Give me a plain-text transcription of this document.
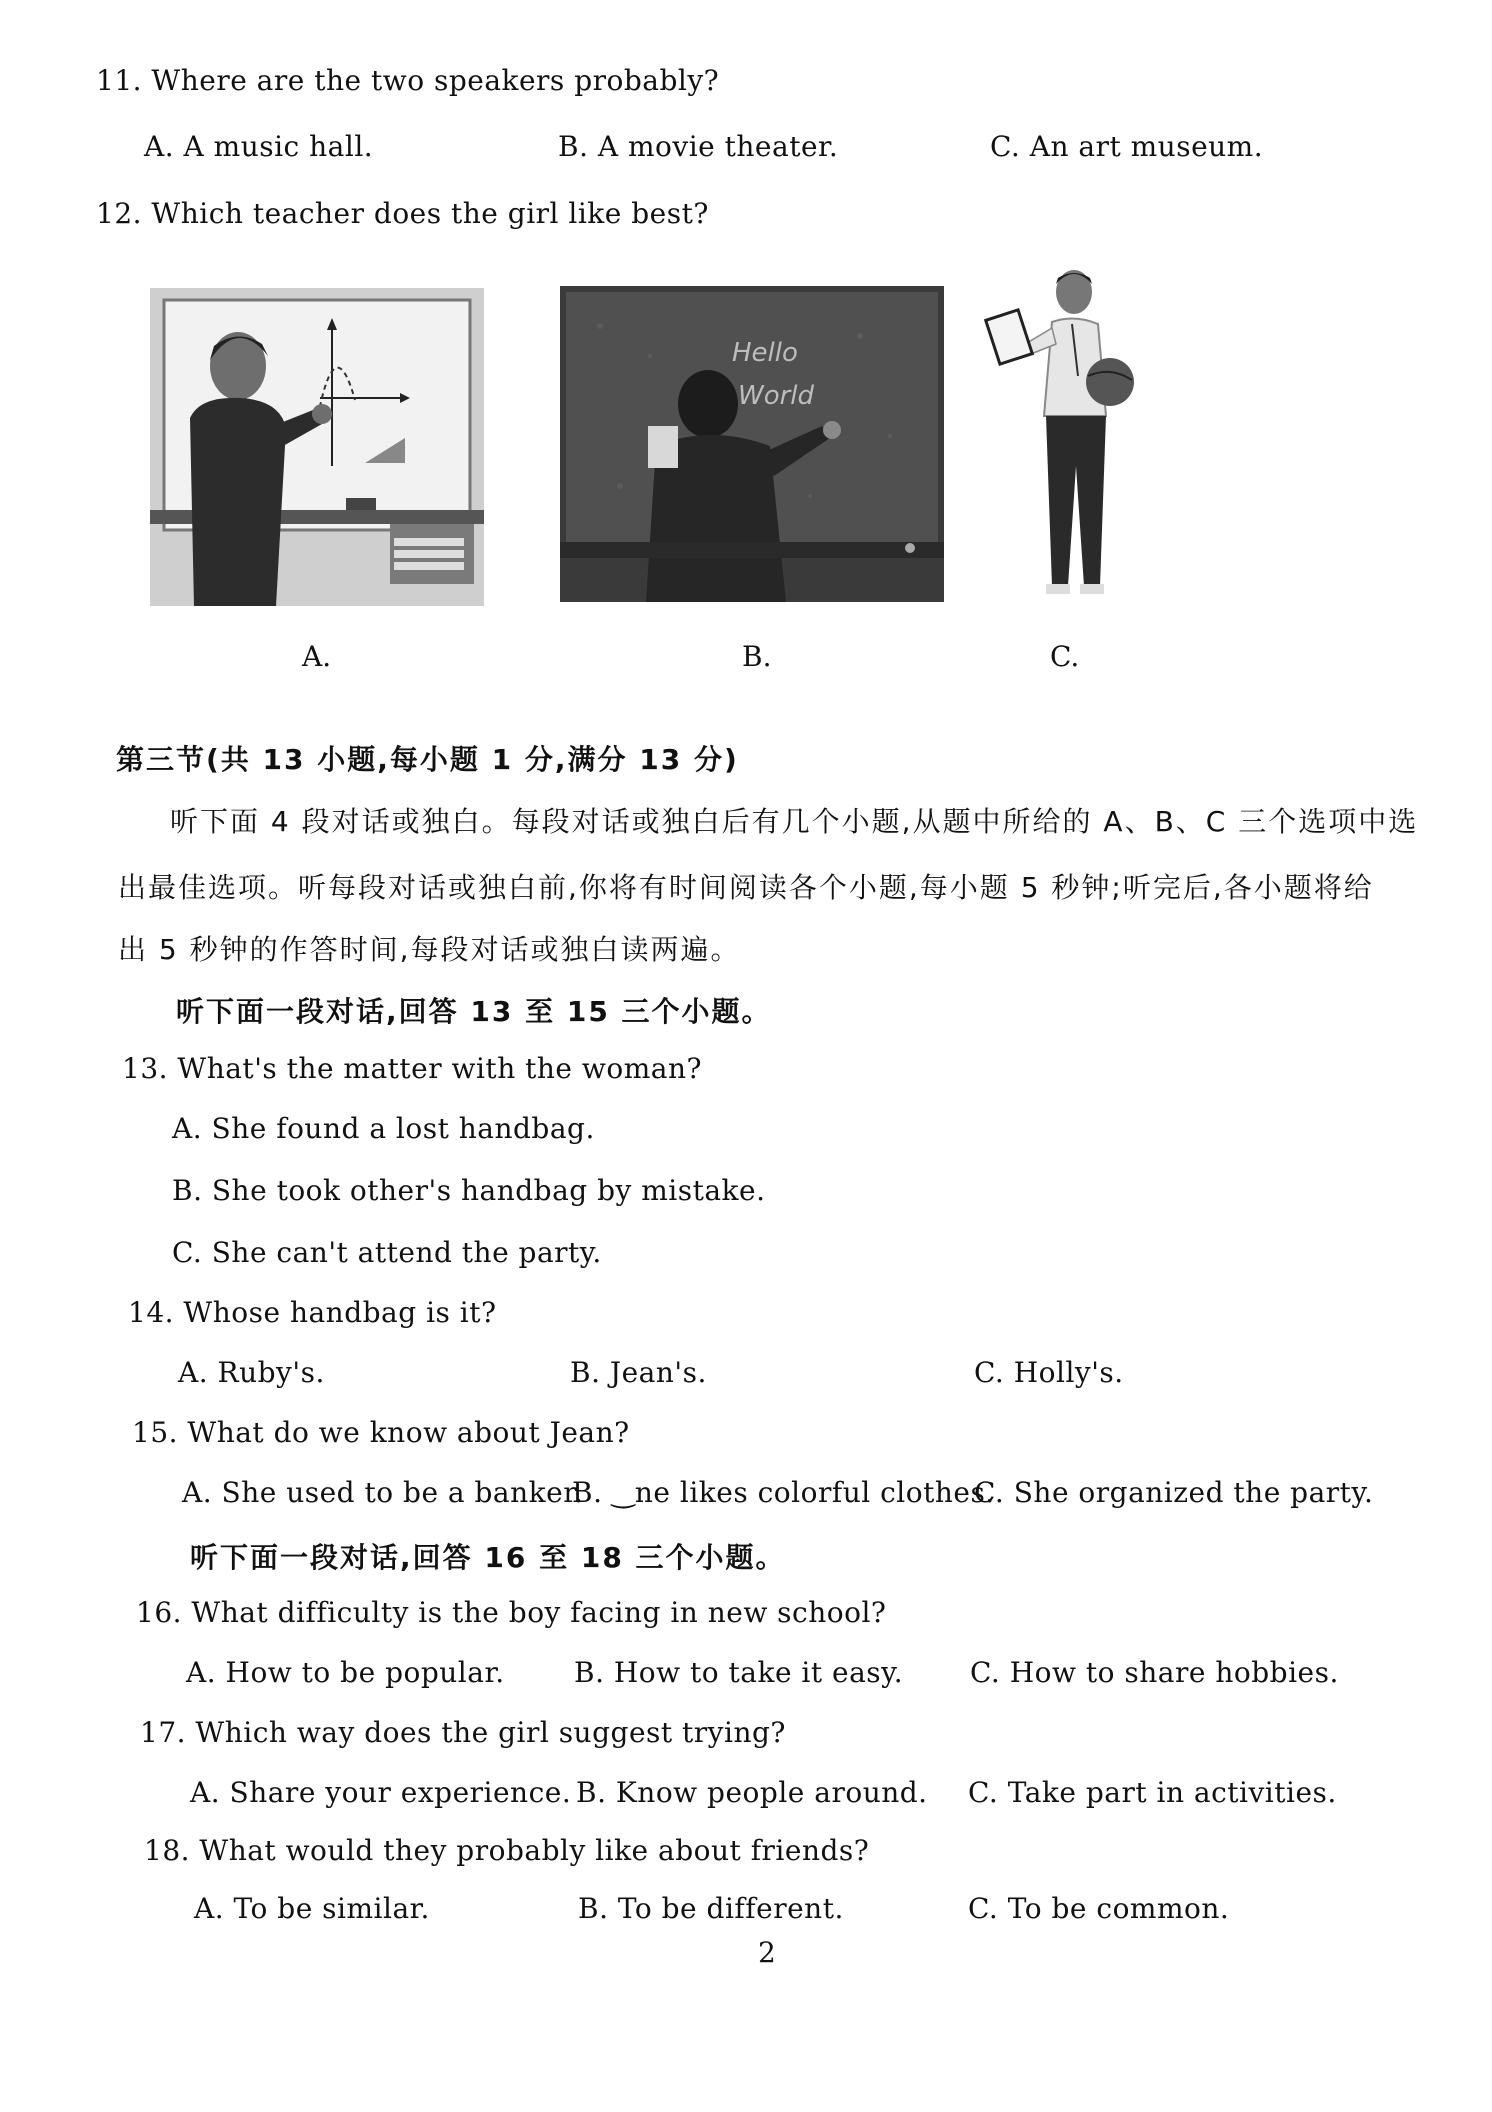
11. Where are the two speakers probably?
A. A music hall.	B. A movie theater.	C. An art museum.
12. Which teacher does the girl like best?
A.
Hello
World
B.	C.
第三节(共 13 小题,每小题 1 分,满分 13 分)
听下面 4 段对话或独白。每段对话或独白后有几个小题,从题中所给的 A、B、C 三个选项中选
出最佳选项。听每段对话或独白前,你将有时间阅读各个小题,每小题 5 秒钟;听完后,各小题将给
出 5 秒钟的作答时间,每段对话或独白读两遍。
听下面一段对话,回答 13 至 15 三个小题。
13. What's the matter with the woman?
A. She found a lost handbag.
B. She took other's handbag by mistake.
C. She can't attend the party.
14. Whose handbag is it?
A. Ruby's.	B. Jean's.	C. Holly's.
15. What do we know about Jean?
A. She used to be a banker.
B. ‿ne likes colorful clothes.
C. She organized the party.
听下面一段对话,回答 16 至 18 三个小题。
16. What difficulty is the boy facing in new school?
A. How to be popular. B. How to take it easy. C. How to share hobbies.
17. Which way does the girl suggest trying?
A. Share your experience. B. Know people around. C. Take part in activities.
18. What would they probably like about friends?
A. To be similar.	B. To be different.	C. To be common.
2
